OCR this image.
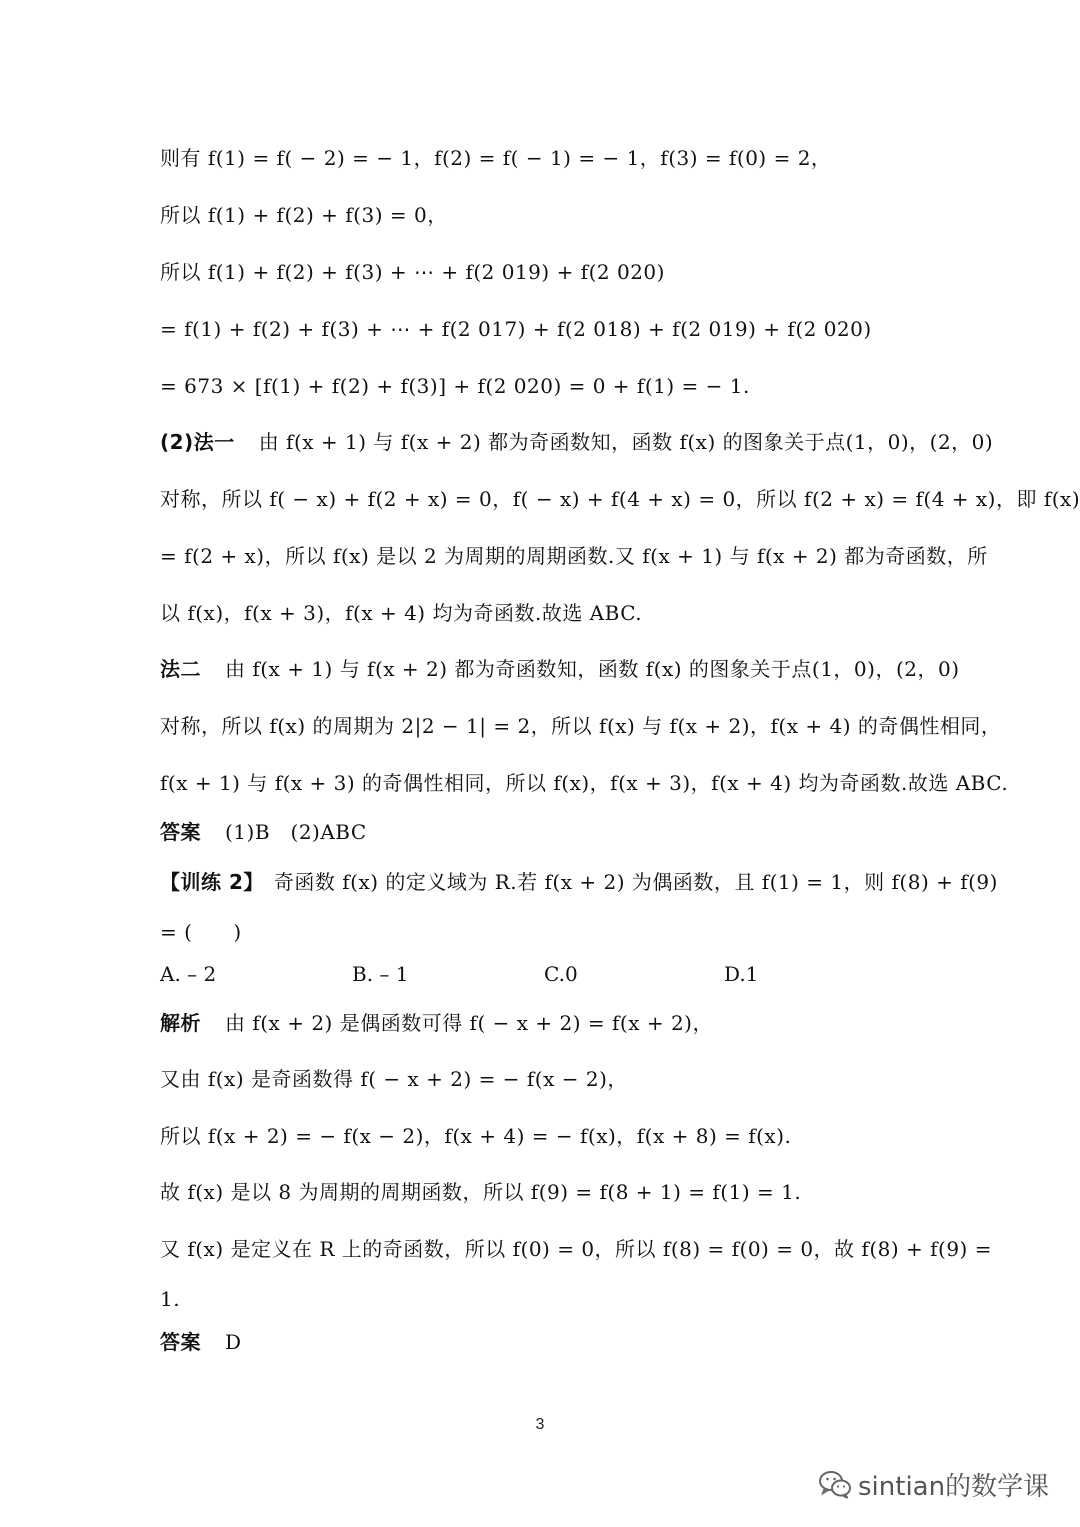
则有 f(1) = f( − 2) = − 1，f(2) = f( − 1) = − 1，f(3) = f(0) = 2，
所以 f(1) + f(2) + f(3) = 0，
所以 f(1) + f(2) + f(3) + ⋯ + f(2 019) + f(2 020)
= f(1) + f(2) + f(3) + ⋯ + f(2 017) + f(2 018) + f(2 019) + f(2 020)
= 673 × [f(1) + f(2) + f(3)] + f(2 020) = 0 + f(1) = − 1.
(2)法一 由 f(x + 1) 与 f(x + 2) 都为奇函数知，函数 f(x) 的图象关于点(1，0)，(2，0)
对称，所以 f( − x) + f(2 + x) = 0，f( − x) + f(4 + x) = 0，所以 f(2 + x) = f(4 + x)，即 f(x)
= f(2 + x)，所以 f(x) 是以 2 为周期的周期函数.又 f(x + 1) 与 f(x + 2) 都为奇函数，所
以 f(x)，f(x + 3)，f(x + 4) 均为奇函数.故选 ABC.
法二 由 f(x + 1) 与 f(x + 2) 都为奇函数知，函数 f(x) 的图象关于点(1，0)，(2，0)
对称，所以 f(x) 的周期为 2|2 − 1| = 2，所以 f(x) 与 f(x + 2)，f(x + 4) 的奇偶性相同，
f(x + 1) 与 f(x + 3) 的奇偶性相同，所以 f(x)，f(x + 3)，f(x + 4) 均为奇函数.故选 ABC.
答案 (1)B　(2)ABC
【训练 2】 奇函数 f(x) 的定义域为 R.若 f(x + 2) 为偶函数，且 f(1) = 1，则 f(8) + f(9)
= (　　)
A. – 2	B. – 1	C.0	D.1
解析 由 f(x + 2) 是偶函数可得 f( − x + 2) = f(x + 2)，
又由 f(x) 是奇函数得 f( − x + 2) = − f(x − 2)，
所以 f(x + 2) = − f(x − 2)，f(x + 4) = − f(x)，f(x + 8) = f(x).
故 f(x) 是以 8 为周期的周期函数，所以 f(9) = f(8 + 1) = f(1) = 1.
又 f(x) 是定义在 R 上的奇函数，所以 f(0) = 0，所以 f(8) = f(0) = 0，故 f(8) + f(9) =
1.
答案 D
3
sintian的数学课
